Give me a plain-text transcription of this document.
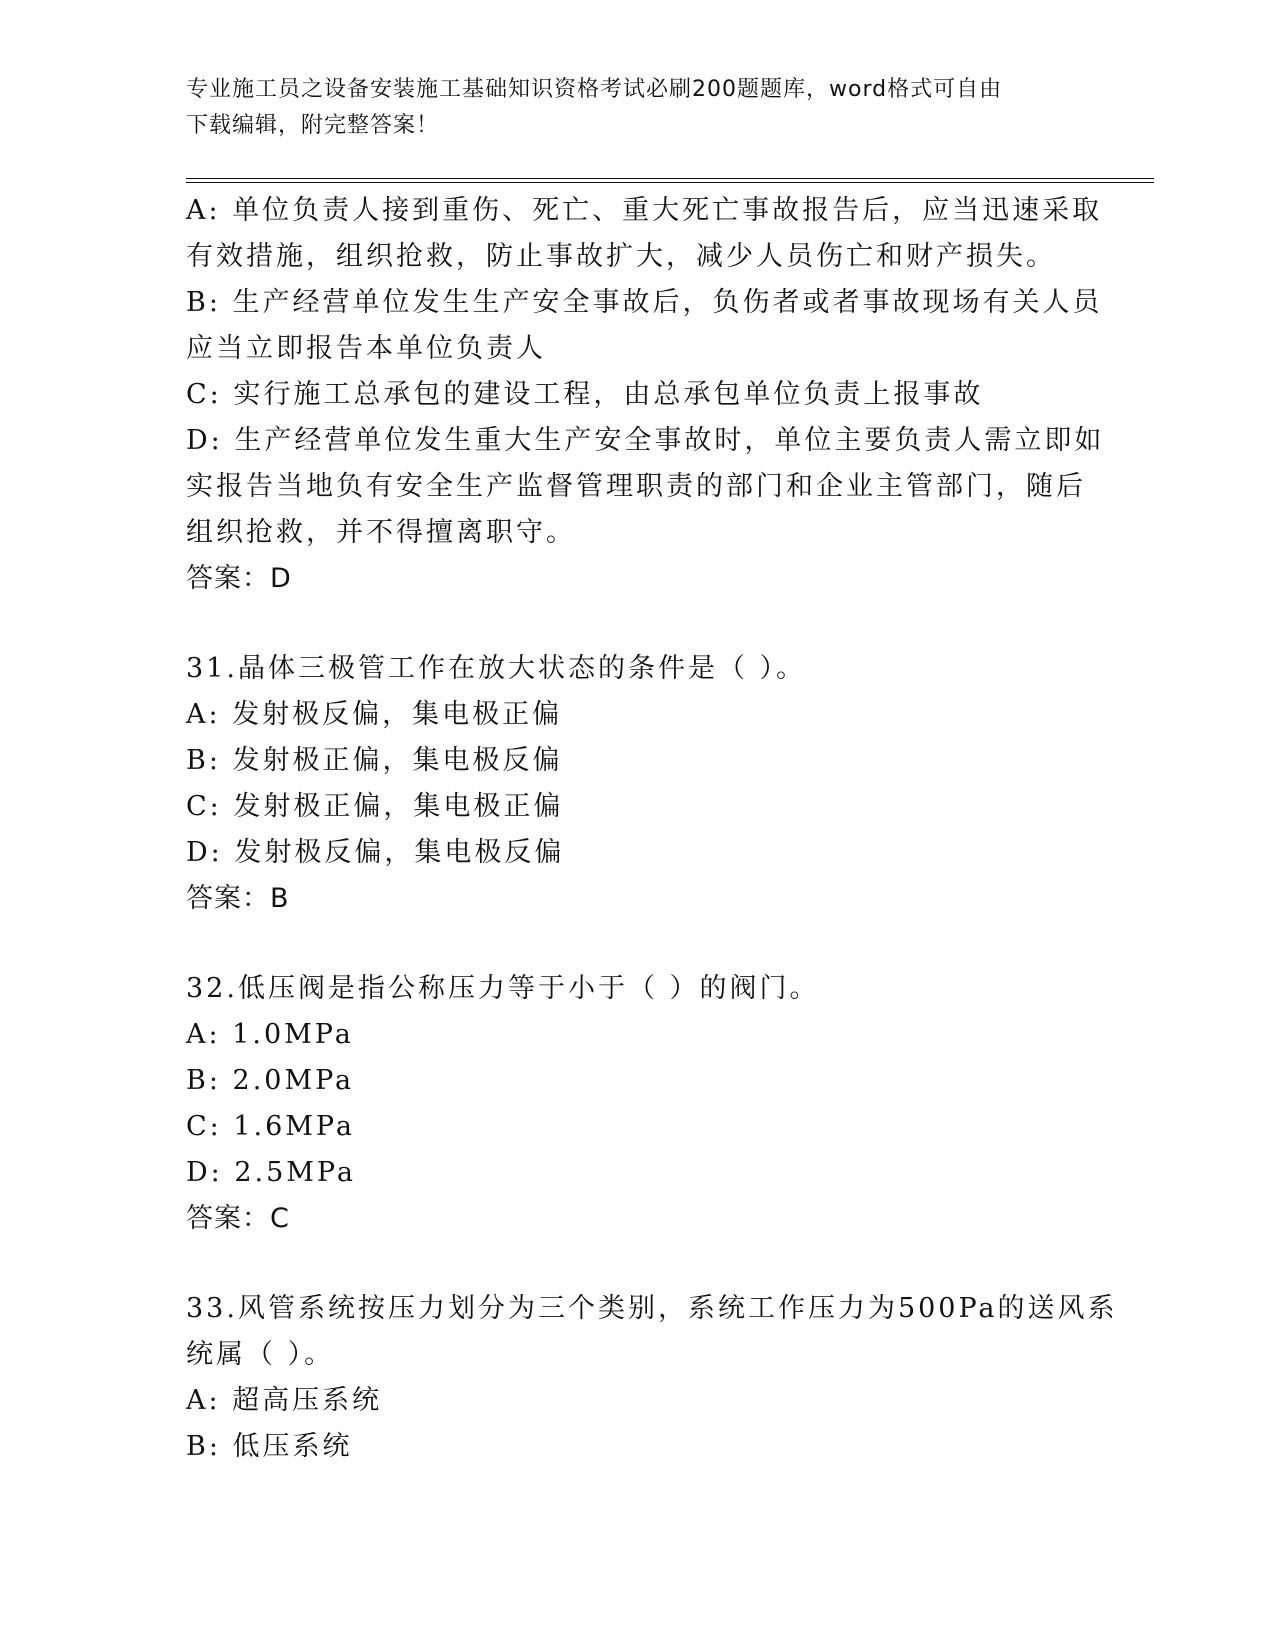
专业施工员之设备安装施工基础知识资格考试必刷200题题库，word格式可自由
下载编辑，附完整答案！

A: 单位负责人接到重伤、死亡、重大死亡事故报告后，应当迅速采取

有效措施，组织抢救，防止事故扩大，减少人员伤亡和财产损失。

B: 生产经营单位发生生产安全事故后，负伤者或者事故现场有关人员

应当立即报告本单位负责人

C: 实行施工总承包的建设工程，由总承包单位负责上报事故

D: 生产经营单位发生重大生产安全事故时，单位主要负责人需立即如

实报告当地负有安全生产监督管理职责的部门和企业主管部门，随后

组织抢救，并不得擅离职守。

答案：D

31.晶体三极管工作在放大状态的条件是（ ）。

A: 发射极反偏，集电极正偏

B: 发射极正偏，集电极反偏

C: 发射极正偏，集电极正偏

D: 发射极反偏，集电极反偏

答案：B

32.低压阀是指公称压力等于小于（ ）的阀门。

A: 1.0MPa

B: 2.0MPa

C: 1.6MPa

D: 2.5MPa

答案：C

33.风管系统按压力划分为三个类别，系统工作压力为500Pa的送风系

统属（ ）。

A: 超高压系统

B: 低压系统
